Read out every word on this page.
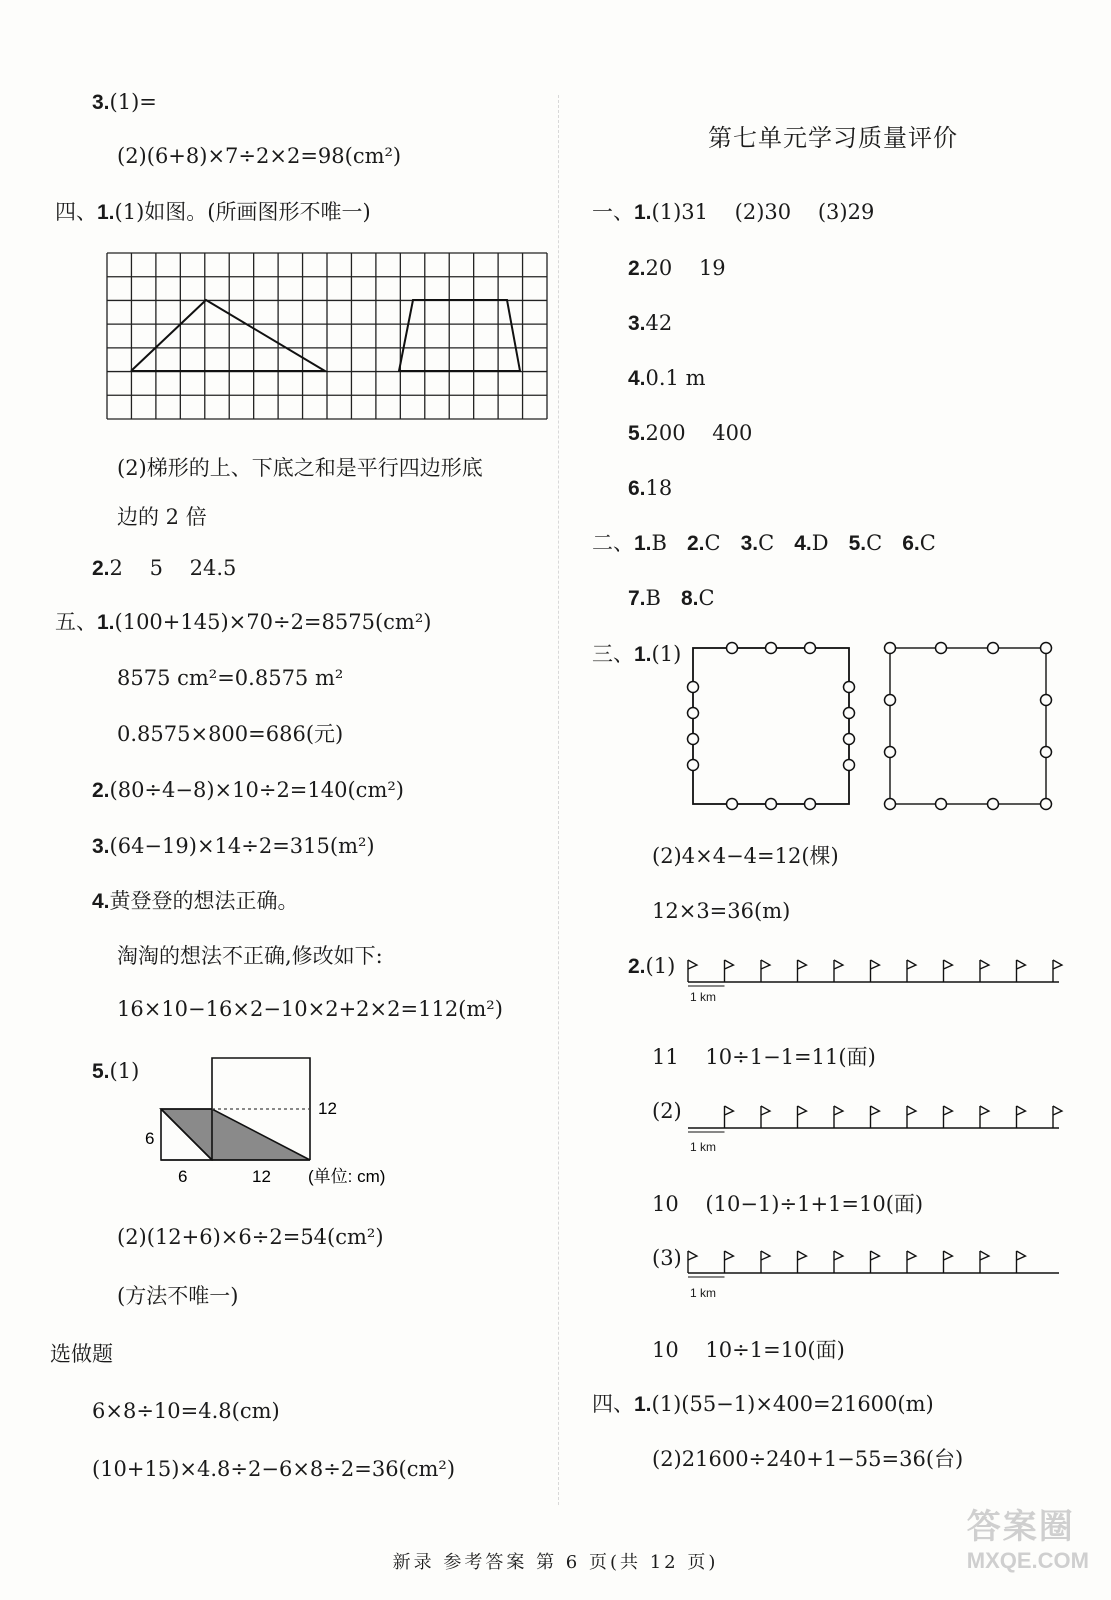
3.(1)=
(2)(6+8)×7÷2×2=98(cm²)
四、1.(1)如图。(所画图形不唯一)
(2)梯形的上、下底之和是平行四边形底
边的 2 倍
2.2    5    24.5
五、1.(100+145)×70÷2=8575(cm²)
8575 cm²=0.8575 m²
0.8575×800=686(元)
2.(80÷4−8)×10÷2=140(cm²)
3.(64−19)×14÷2=315(m²)
4.黄登登的想法正确。
淘淘的想法不正确,修改如下:
16×10−16×2−10×2+2×2=112(m²)
5.(1)
6
6	12
12
(单位: cm)
(2)(12+6)×6÷2=54(cm²)
(方法不唯一)
选做题
6×8÷10=4.8(cm)
(10+15)×4.8÷2−6×8÷2=36(cm²)
第七单元学习质量评价
一、1.(1)31    (2)30    (3)29
2.20    19
3.42
4.0.1 m
5.200    400
6.18
二、1.B 2.C 3.C 4.D 5.C 6.C
7.B 8.C
三、1.(1)
(2)4×4−4=12(棵)
12×3=36(m)
2.(1)
1 km
11    10÷1−1=11(面)
(2)
1 km
10    (10−1)÷1+1=10(面)
(3)
1 km
10    10÷1=10(面)
四、1.(1)(55−1)×400=21600(m)
(2)21600÷240+1−55=36(台)
新录 参考答案 第 6 页(共 12 页)
答案圈
MXQE.COM
